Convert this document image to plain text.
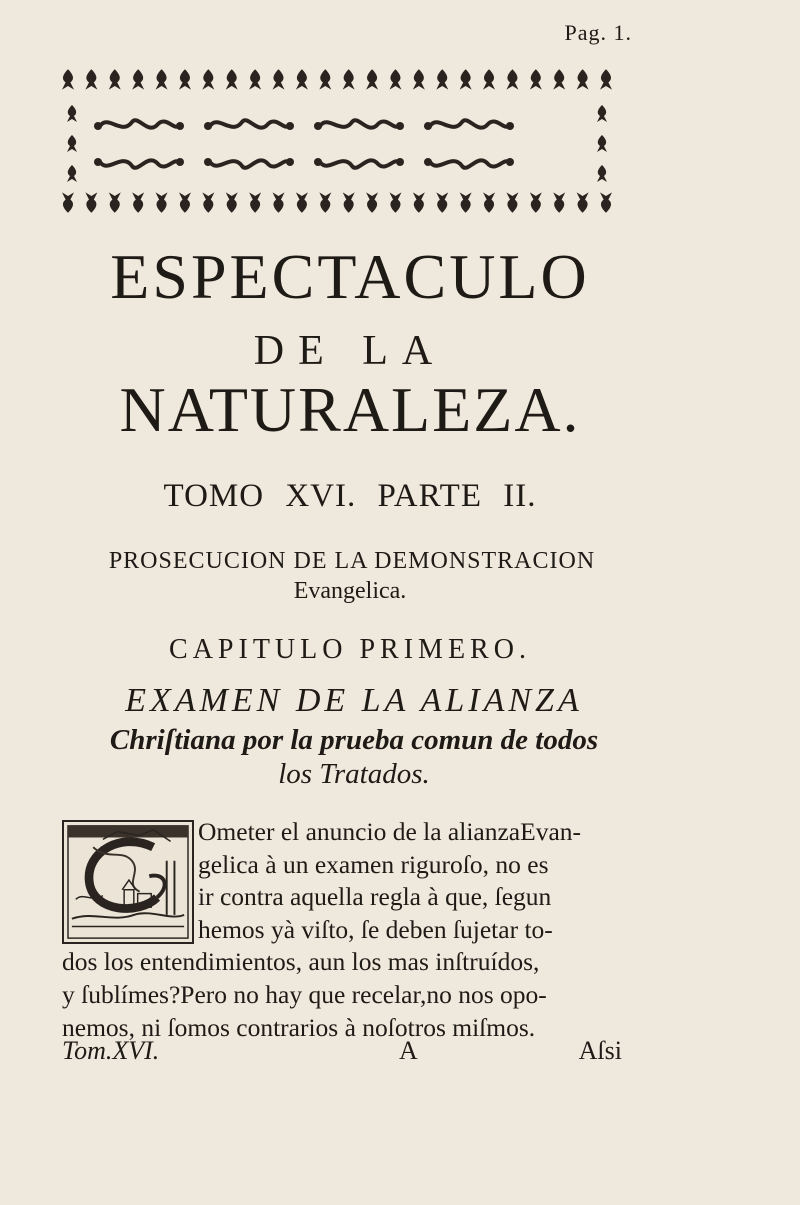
Pag. 1.
ESPECTACULO
DE LA
NATURALEZA.
TOMO XVI. PARTE II.
PROSECUCION DE LA DEMONSTRACION
Evangelica.
CAPITULO PRIMERO.
EXAMEN DE LA ALIANZA
Chriſtiana por la prueba comun de todos
los Tratados.
Ometer el anuncio de la alianzaEvan-
gelica à un examen riguroſo, no es
ir contra aquella regla à que, ſegun
hemos yà viſto, ſe deben ſujetar to-
dos los entendimientos, aun los mas inſtruídos,
y ſublímes?Pero no hay que recelar,no nos opo-
nemos, ni ſomos contrarios à noſotros miſmos.
Tom.XVI.	A	Aſsi
